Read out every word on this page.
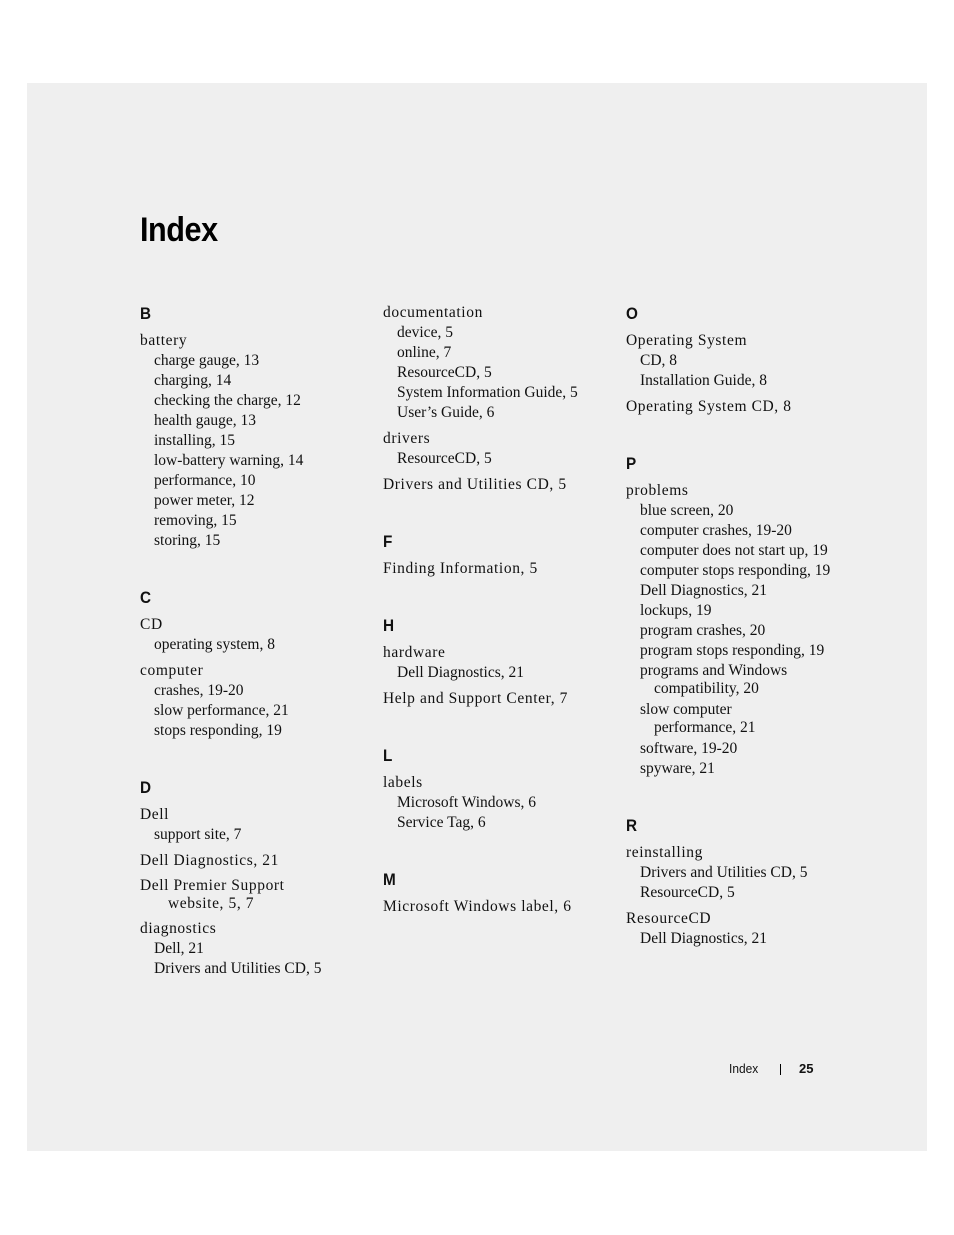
Index
B
battery
charge gauge, 13
charging, 14
checking the charge, 12
health gauge, 13
installing, 15
low-battery warning, 14
performance, 10
power meter, 12
removing, 15
storing, 15
C
CD
operating system, 8
computer
crashes, 19-20
slow performance, 21
stops responding, 19
D
Dell
support site, 7
Dell Diagnostics, 21
Dell Premier Support
website, 5, 7
diagnostics
Dell, 21
Drivers and Utilities CD, 5
documentation
device, 5
online, 7
ResourceCD, 5
System Information Guide, 5
User’s Guide, 6
drivers
ResourceCD, 5
Drivers and Utilities CD, 5
F
Finding Information, 5
H
hardware
Dell Diagnostics, 21
Help and Support Center, 7
L
labels
Microsoft Windows, 6
Service Tag, 6
M
Microsoft Windows label, 6
O
Operating System
CD, 8
Installation Guide, 8
Operating System CD, 8
P
problems
blue screen, 20
computer crashes, 19-20
computer does not start up, 19
computer stops responding, 19
Dell Diagnostics, 21
lockups, 19
program crashes, 20
program stops responding, 19
programs and Windows
compatibility, 20
slow computer
performance, 21
software, 19-20
spyware, 21
R
reinstalling
Drivers and Utilities CD, 5
ResourceCD, 5
ResourceCD
Dell Diagnostics, 21
Index	25
